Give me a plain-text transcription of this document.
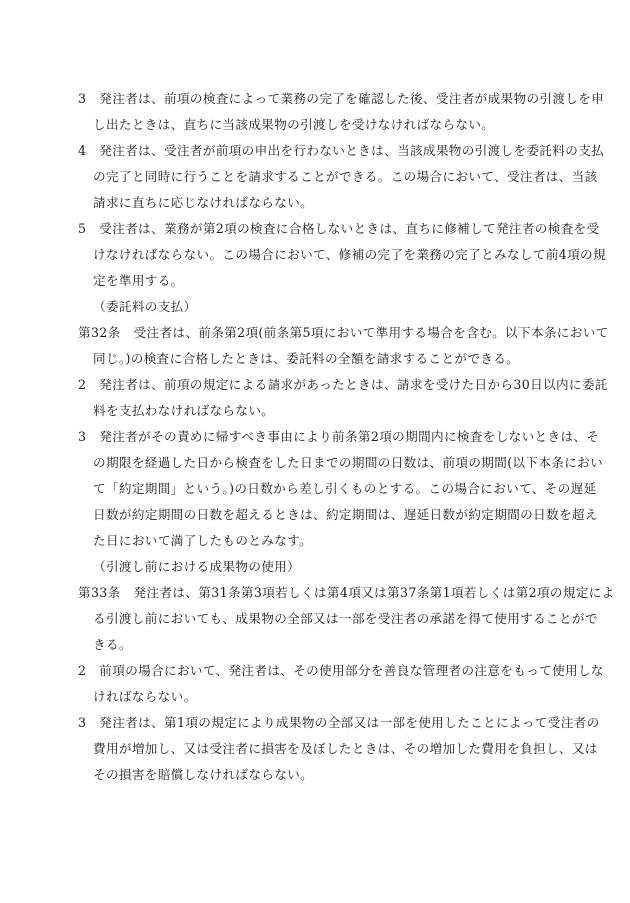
3　発注者は、前項の検査によって業務の完了を確認した後、受注者が成果物の引渡しを申
し出たときは、直ちに当該成果物の引渡しを受けなければならない。
4　発注者は、受注者が前項の申出を行わないときは、当該成果物の引渡しを委託料の支払
の完了と同時に行うことを請求することができる。この場合において、受注者は、当該
請求に直ちに応じなければならない。
5　受注者は、業務が第2項の検査に合格しないときは、直ちに修補して発注者の検査を受
けなければならない。この場合において、修補の完了を業務の完了とみなして前4項の規
定を準用する。
（委託料の支払）
第32条　受注者は、前条第2項(前条第5項において準用する場合を含む。以下本条において
同じ。)の検査に合格したときは、委託料の全額を請求することができる。
2　発注者は、前項の規定による請求があったときは、請求を受けた日から30日以内に委託
料を支払わなければならない。
3　発注者がその責めに帰すべき事由により前条第2項の期間内に検査をしないときは、そ
の期限を経過した日から検査をした日までの期間の日数は、前項の期間(以下本条におい
て「約定期間」という。)の日数から差し引くものとする。この場合において、その遅延
日数が約定期間の日数を超えるときは、約定期間は、遅延日数が約定期間の日数を超え
た日において満了したものとみなす。
（引渡し前における成果物の使用）
第33条　発注者は、第31条第3項若しくは第4項又は第37条第1項若しくは第2項の規定によ
る引渡し前においても、成果物の全部又は一部を受注者の承諾を得て使用することがで
きる。
2　前項の場合において、発注者は、その使用部分を善良な管理者の注意をもって使用しな
ければならない。
3　発注者は、第1項の規定により成果物の全部又は一部を使用したことによって受注者の
費用が増加し、又は受注者に損害を及ぼしたときは、その増加した費用を負担し、又は
その損害を賠償しなければならない。
